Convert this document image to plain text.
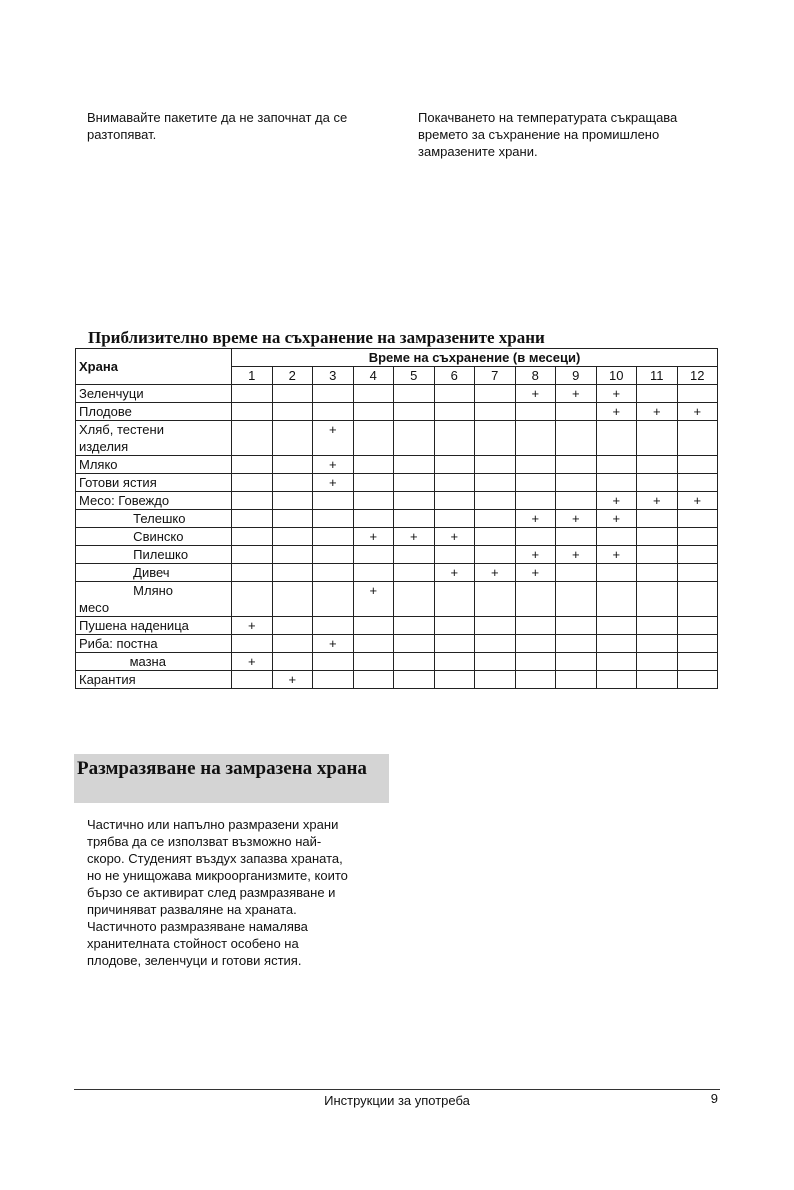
Внимавайте пакетите да не започнат да се
разтопяват.
Покачването на температурата съкращава
времето за съхранение на промишлено
замразените храни.
Приблизително време на съхранение на замразените храни
Храна	Време на съхранение (в месеци)											
	1	2	3	4	5	6	7	8	9	10	11	12
Зеленчуци								+	+	+		
Плодове										+	+	+
Хляб, тестени
изделия			+									
Мляко			+									
Готови ястия			+									
Месо: Говеждо										+	+	+
Телешко								+	+	+		
Свинско				+	+	+						
Пилешко								+	+	+		
Дивеч						+	+	+				
Мляно
месо				+								
Пушена наденица	+											
Риба: постна			+									
мазна	+											
Карантия		+										
Размразяване на замразена храна
Частично или напълно размразени храни
трябва да се използват възможно най-
скоро. Студеният въздух запазва храната,
но не унищожава микроорганизмите, които
бързо се активират след размразяване и
причиняват разваляне на храната.
Частичното размразяване намалява
хранителната стойност особено на
плодове, зеленчуци и готови ястия.
Инструкции за употреба	9
